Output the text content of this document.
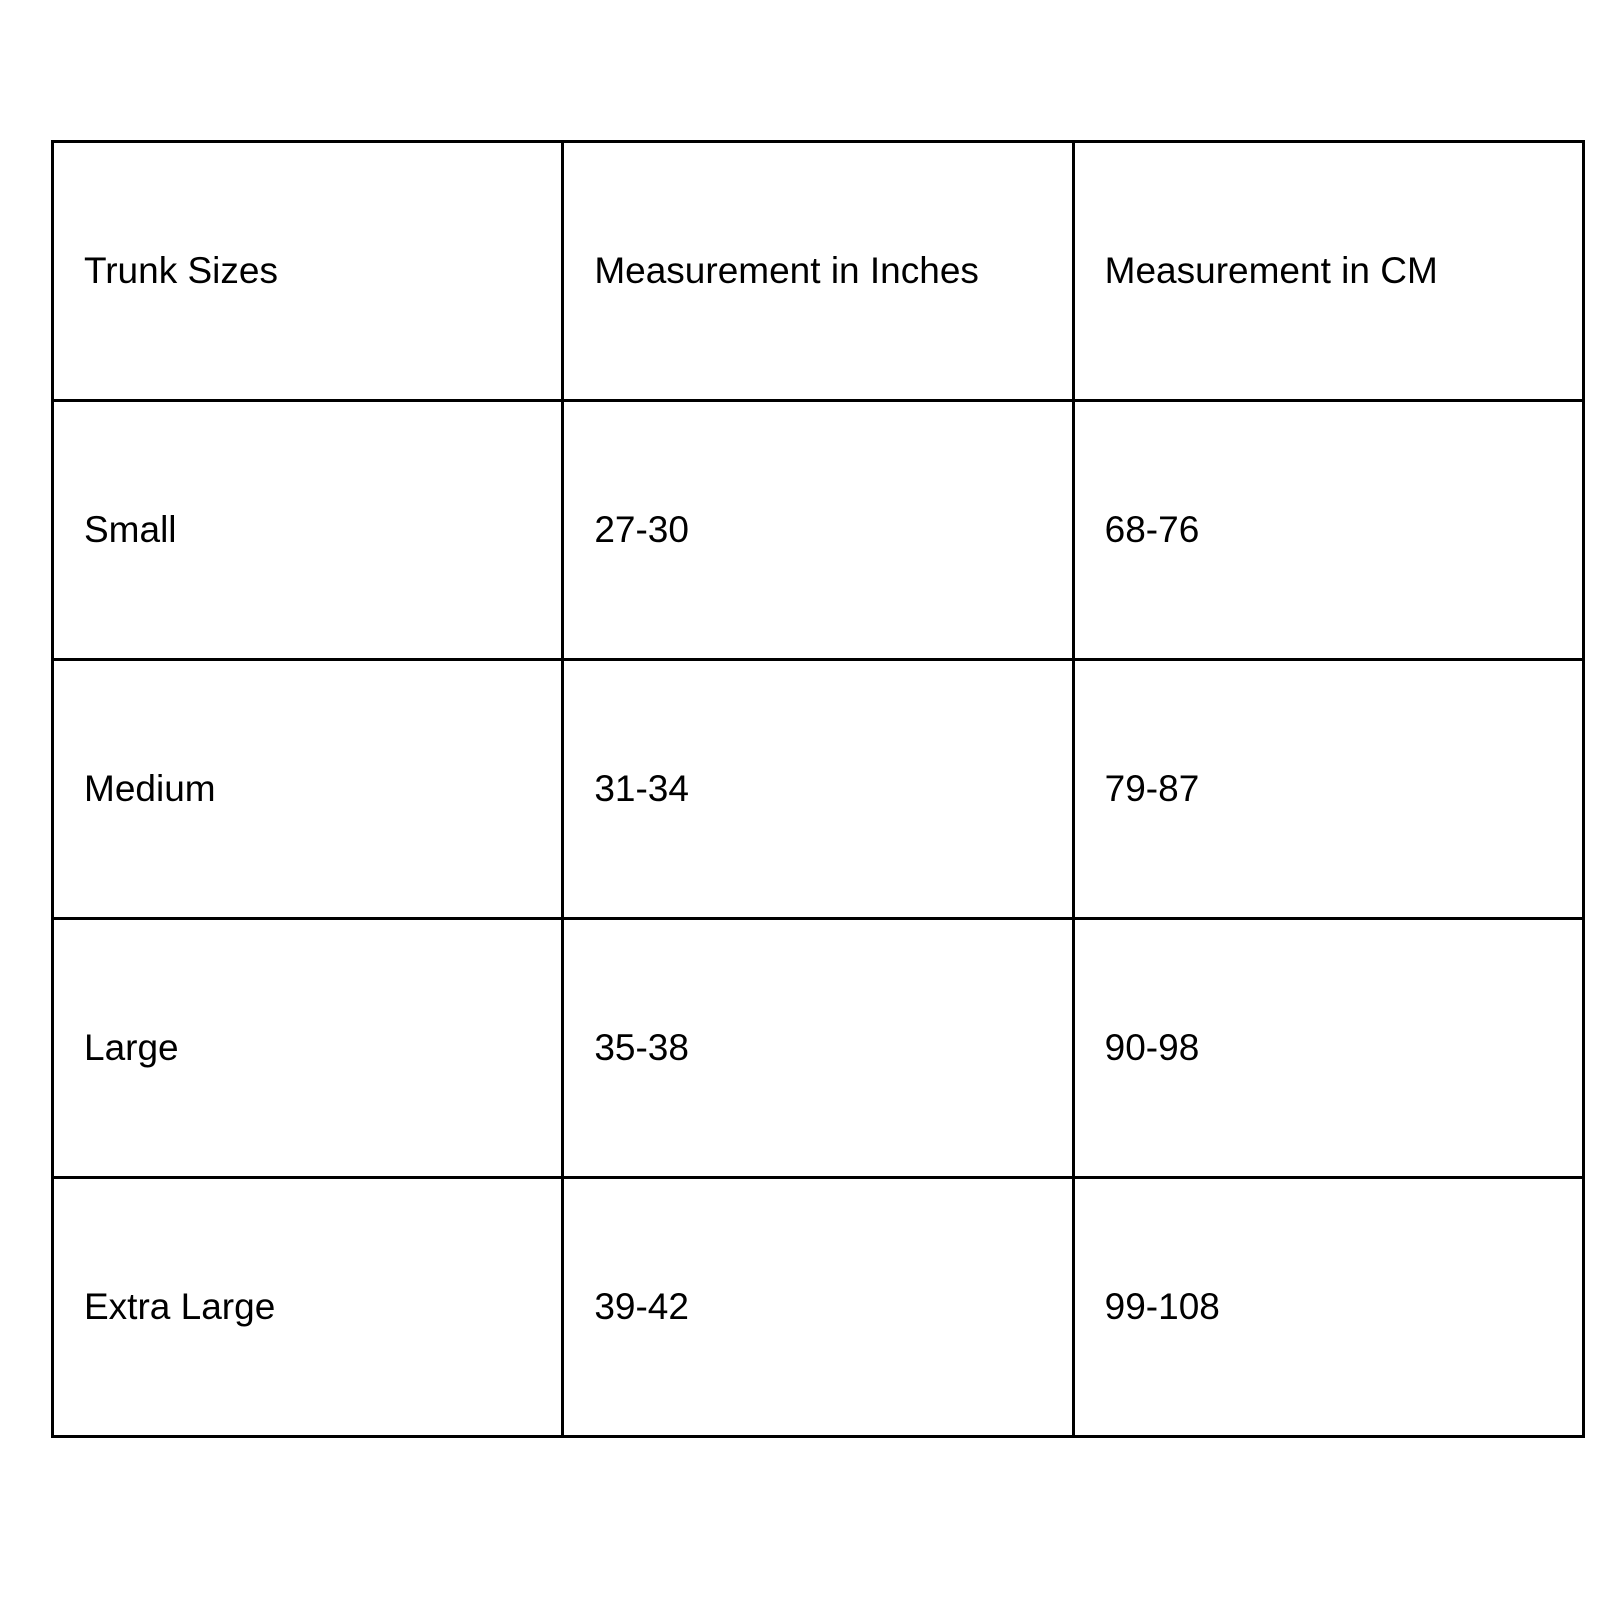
Trunk Sizes	Measurement in Inches	Measurement in CM
Small	27-30	68-76
Medium	31-34	79-87
Large	35-38	90-98
Extra Large	39-42	99-108
